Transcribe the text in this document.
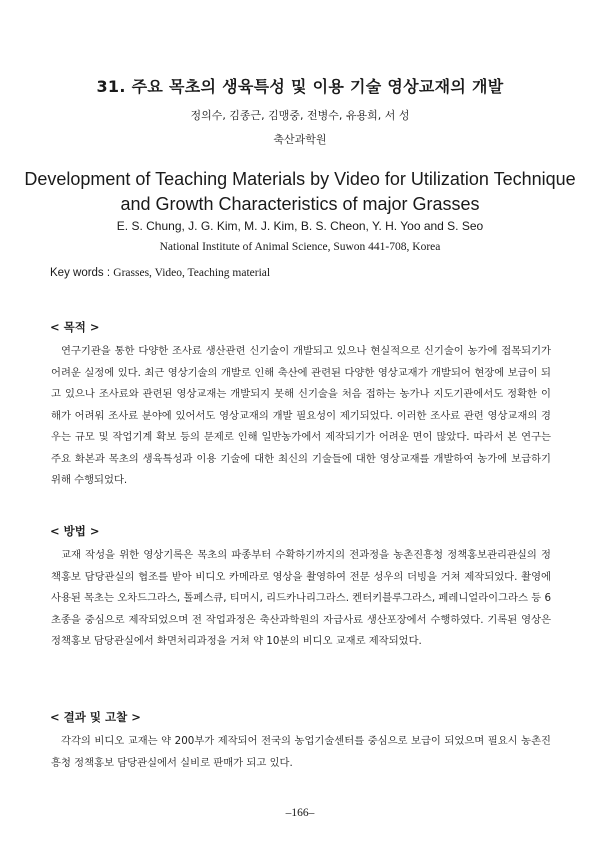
31. 주요 목초의 생육특성 및 이용 기술 영상교재의 개발
정의수, 김종근, 김맹중, 전병수, 유용희, 서 성
축산과학원
Development of Teaching Materials by Video for Utilization Technique
and Growth Characteristics of major Grasses
E. S. Chung, J. G. Kim, M. J. Kim, B. S. Cheon, Y. H. Yoo and S. Seo
National Institute of Animal Science, Suwon 441-708, Korea
Key words : Grasses, Video, Teaching material
< 목적 >
연구기관을 통한 다양한 조사료 생산관련 신기술이 개발되고 있으나 현실적으로 신기술이 농가에 접목되기가 어려운 실정에 있다. 최근 영상기술의 개발로 인해 축산에 관련된 다양한 영상교재가 개발되어 현장에 보급이 되고 있으나 조사료와 관련된 영상교재는 개발되지 못해 신기술을 처음 접하는 농가나 지도기관에서도 정확한 이해가 어려워 조사료 분야에 있어서도 영상교재의 개발 필요성이 제기되었다. 이러한 조사료 관련 영상교재의 경우는 규모 및 작업기계 확보 등의 문제로 인해 일반농가에서 제작되기가 어려운 면이 많았다. 따라서 본 연구는 주요 화본과 목초의 생육특성과 이용 기술에 대한 최신의 기술들에 대한 영상교재를 개발하여 농가에 보급하기 위해 수행되었다.
< 방법 >
교재 작성을 위한 영상기록은 목초의 파종부터 수확하기까지의 전과정을 농촌진흥청 정책홍보관리관실의 정책홍보 담당관실의 협조를 받아 비디오 카메라로 영상을 촬영하여 전문 성우의 더빙을 거쳐 제작되었다. 촬영에 사용된 목초는 오차드그라스, 톨페스큐, 티머시, 리드카나리그라스. 켄터키블루그라스, 페레니얼라이그라스 등 6초종을 중심으로 제작되었으며 전 작업과정은 축산과학원의 자급사료 생산포장에서 수행하였다. 기록된 영상은 정책홍보 담당관실에서 화면처리과정을 거쳐 약 10분의 비디오 교재로 제작되었다.
< 결과 및 고찰 >
각각의 비디오 교재는 약 200부가 제작되어 전국의 농업기술센터를 중심으로 보급이 되었으며 필요시 농촌진흥청 정책홍보 담당관실에서 실비로 판매가 되고 있다.
–166–
